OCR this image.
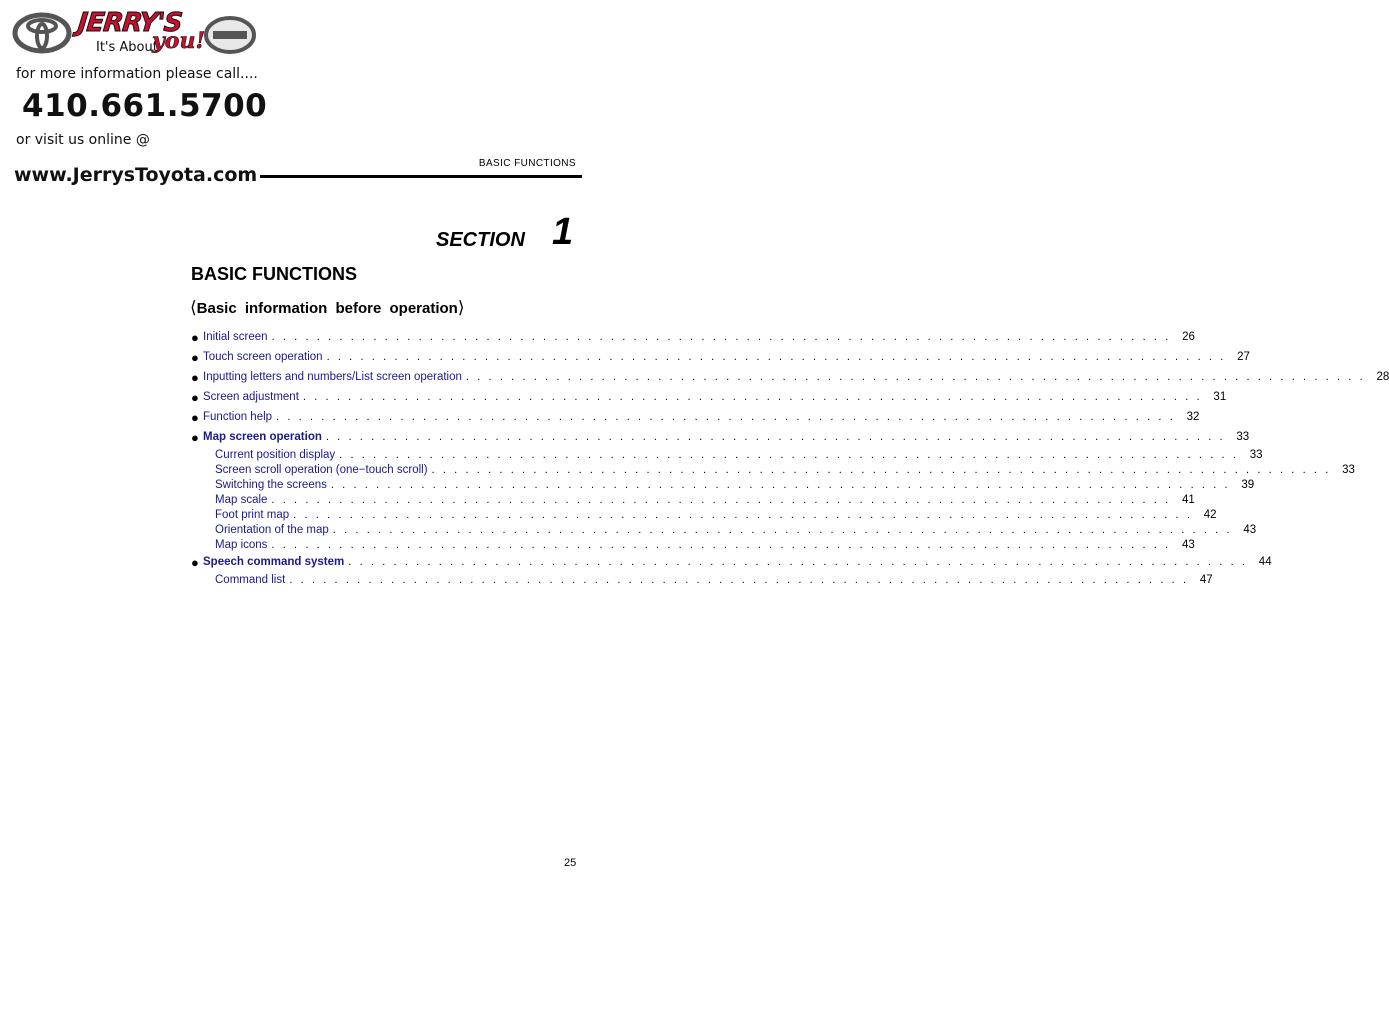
JERRY'S
It's About
you!
for more information please call....
410.661.5700
or visit us online @
www.JerrysToyota.com
BASIC FUNCTIONS
SECTION 1
BASIC FUNCTIONS
⟨Basic information before operation⟩
● Initial screen . . . . . . . . . . . . . . . . . . . . . . . . . . . . . . . . . . . . . . . . . . . . . . . . . . . . . . . . . . . . . . . . . . . . . . . . . . . . . . . . 26
● Touch screen operation . . . . . . . . . . . . . . . . . . . . . . . . . . . . . . . . . . . . . . . . . . . . . . . . . . . . . . . . . . . . . . . . . . . . . . . . . . . . . . . . 27
● Inputting letters and numbers/List screen operation . . . . . . . . . . . . . . . . . . . . . . . . . . . . . . . . . . . . . . . . . . . . . . . . . . . . . . . . . . . . . . . . . . . . . . . . . . . . . . . . 28
● Screen adjustment . . . . . . . . . . . . . . . . . . . . . . . . . . . . . . . . . . . . . . . . . . . . . . . . . . . . . . . . . . . . . . . . . . . . . . . . . . . . . . . . 31
● Function help . . . . . . . . . . . . . . . . . . . . . . . . . . . . . . . . . . . . . . . . . . . . . . . . . . . . . . . . . . . . . . . . . . . . . . . . . . . . . . . . 32
● Map screen operation . . . . . . . . . . . . . . . . . . . . . . . . . . . . . . . . . . . . . . . . . . . . . . . . . . . . . . . . . . . . . . . . . . . . . . . . . . . . . . . . 33
Current position display . . . . . . . . . . . . . . . . . . . . . . . . . . . . . . . . . . . . . . . . . . . . . . . . . . . . . . . . . . . . . . . . . . . . . . . . . . . . . . . . 33
Screen scroll operation (one−touch scroll) . . . . . . . . . . . . . . . . . . . . . . . . . . . . . . . . . . . . . . . . . . . . . . . . . . . . . . . . . . . . . . . . . . . . . . . . . . . . . . . . 33
Switching the screens . . . . . . . . . . . . . . . . . . . . . . . . . . . . . . . . . . . . . . . . . . . . . . . . . . . . . . . . . . . . . . . . . . . . . . . . . . . . . . . . 39
Map scale . . . . . . . . . . . . . . . . . . . . . . . . . . . . . . . . . . . . . . . . . . . . . . . . . . . . . . . . . . . . . . . . . . . . . . . . . . . . . . . . 41
Foot print map . . . . . . . . . . . . . . . . . . . . . . . . . . . . . . . . . . . . . . . . . . . . . . . . . . . . . . . . . . . . . . . . . . . . . . . . . . . . . . . . 42
Orientation of the map . . . . . . . . . . . . . . . . . . . . . . . . . . . . . . . . . . . . . . . . . . . . . . . . . . . . . . . . . . . . . . . . . . . . . . . . . . . . . . . . 43
Map icons . . . . . . . . . . . . . . . . . . . . . . . . . . . . . . . . . . . . . . . . . . . . . . . . . . . . . . . . . . . . . . . . . . . . . . . . . . . . . . . . 43
● Speech command system . . . . . . . . . . . . . . . . . . . . . . . . . . . . . . . . . . . . . . . . . . . . . . . . . . . . . . . . . . . . . . . . . . . . . . . . . . . . . . . . 44
Command list . . . . . . . . . . . . . . . . . . . . . . . . . . . . . . . . . . . . . . . . . . . . . . . . . . . . . . . . . . . . . . . . . . . . . . . . . . . . . . . . 47
25
